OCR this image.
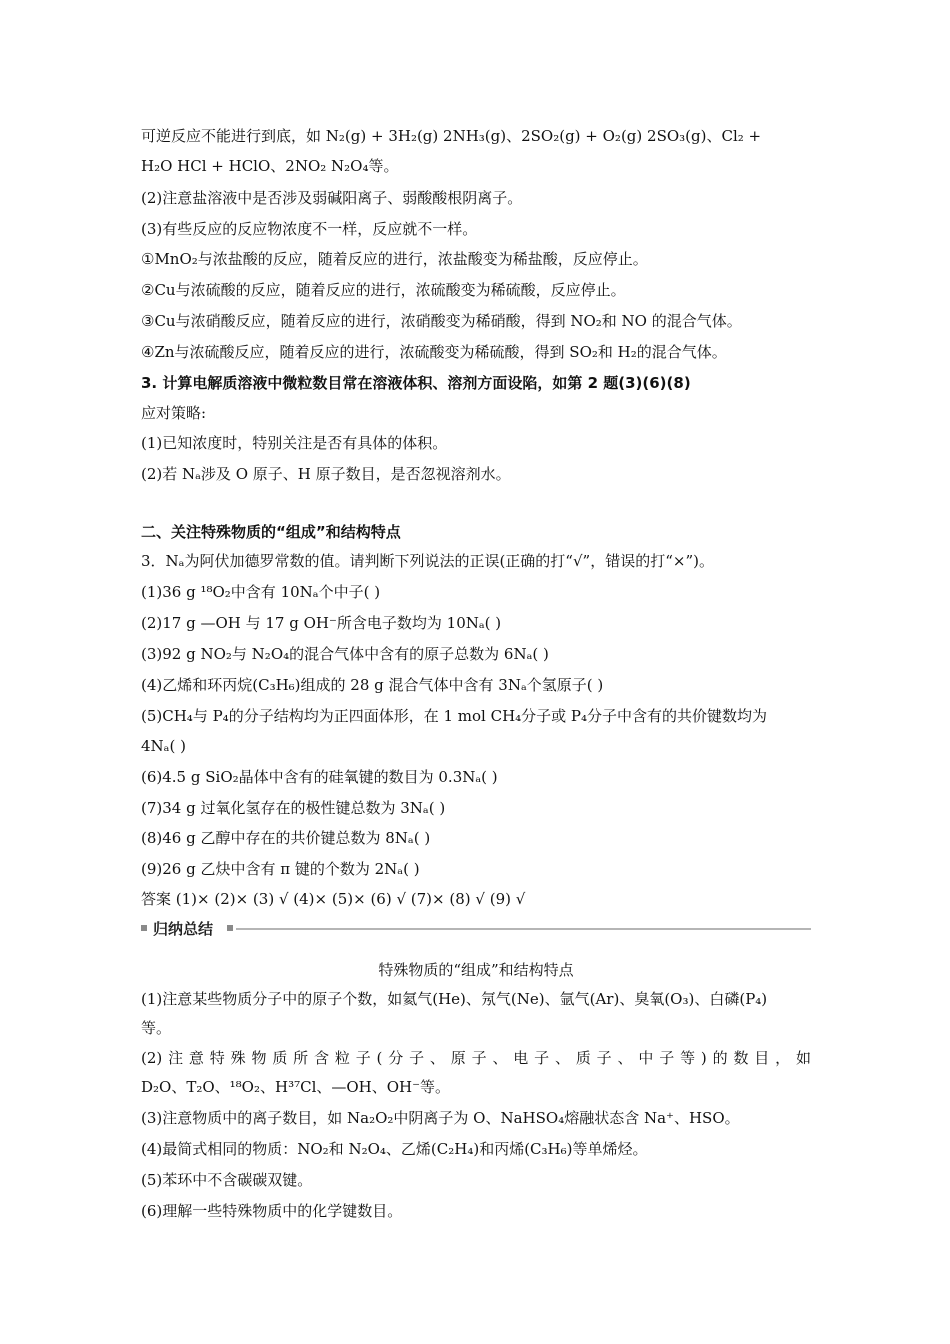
可逆反应不能进行到底，如 N₂(g) + 3H₂(g) 2NH₃(g)、2SO₂(g) + O₂(g) 2SO₃(g)、Cl₂ +
H₂O HCl + HClO、2NO₂ N₂O₄等。
(2)注意盐溶液中是否涉及弱碱阳离子、弱酸酸根阴离子。
(3)有些反应的反应物浓度不一样，反应就不一样。
①MnO₂与浓盐酸的反应，随着反应的进行，浓盐酸变为稀盐酸，反应停止。
②Cu与浓硫酸的反应，随着反应的进行，浓硫酸变为稀硫酸，反应停止。
③Cu与浓硝酸反应，随着反应的进行，浓硝酸变为稀硝酸，得到 NO₂和 NO 的混合气体。
④Zn与浓硫酸反应，随着反应的进行，浓硫酸变为稀硫酸，得到 SO₂和 H₂的混合气体。
3. 计算电解质溶液中微粒数目常在溶液体积、溶剂方面设陷，如第 2 题(3)(6)(8)
应对策略:
(1)已知浓度时，特别关注是否有具体的体积。
(2)若 Nₐ涉及 O 原子、H 原子数目，是否忽视溶剂水。
二、关注特殊物质的“组成”和结构特点
3．Nₐ为阿伏加德罗常数的值。请判断下列说法的正误(正确的打“√”，错误的打“×”)。
(1)36 g ¹⁸O₂中含有 10Nₐ个中子( )
(2)17 g —OH 与 17 g OH⁻所含电子数均为 10Nₐ( )
(3)92 g NO₂与 N₂O₄的混合气体中含有的原子总数为 6Nₐ( )
(4)乙烯和环丙烷(C₃H₆)组成的 28 g 混合气体中含有 3Nₐ个氢原子( )
(5)CH₄与 P₄的分子结构均为正四面体形，在 1 mol CH₄分子或 P₄分子中含有的共价键数均为
4Nₐ( )
(6)4.5 g SiO₂晶体中含有的硅氧键的数目为 0.3Nₐ( )
(7)34 g 过氧化氢存在的极性键总数为 3Nₐ( )
(8)46 g 乙醇中存在的共价键总数为 8Nₐ( )
(9)26 g 乙炔中含有 π 键的个数为 2Nₐ( )
答案 (1)× (2)× (3) √ (4)× (5)× (6) √ (7)× (8) √ (9) √
归纳总结
特殊物质的“组成”和结构特点
(1)注意某些物质分子中的原子个数，如氦气(He)、氖气(Ne)、氩气(Ar)、臭氧(O₃)、白磷(P₄)
等。
(2)注意特殊物质所含粒子(分子、原子、电子、质子、中子等)的数目，如
D₂O、T₂O、¹⁸O₂、H³⁷Cl、—OH、OH⁻等。
(3)注意物质中的离子数目，如 Na₂O₂中阴离子为 O、NaHSO₄熔融状态含 Na⁺、HSO。
(4)最简式相同的物质：NO₂和 N₂O₄、乙烯(C₂H₄)和丙烯(C₃H₆)等单烯烃。
(5)苯环中不含碳碳双键。
(6)理解一些特殊物质中的化学键数目。
